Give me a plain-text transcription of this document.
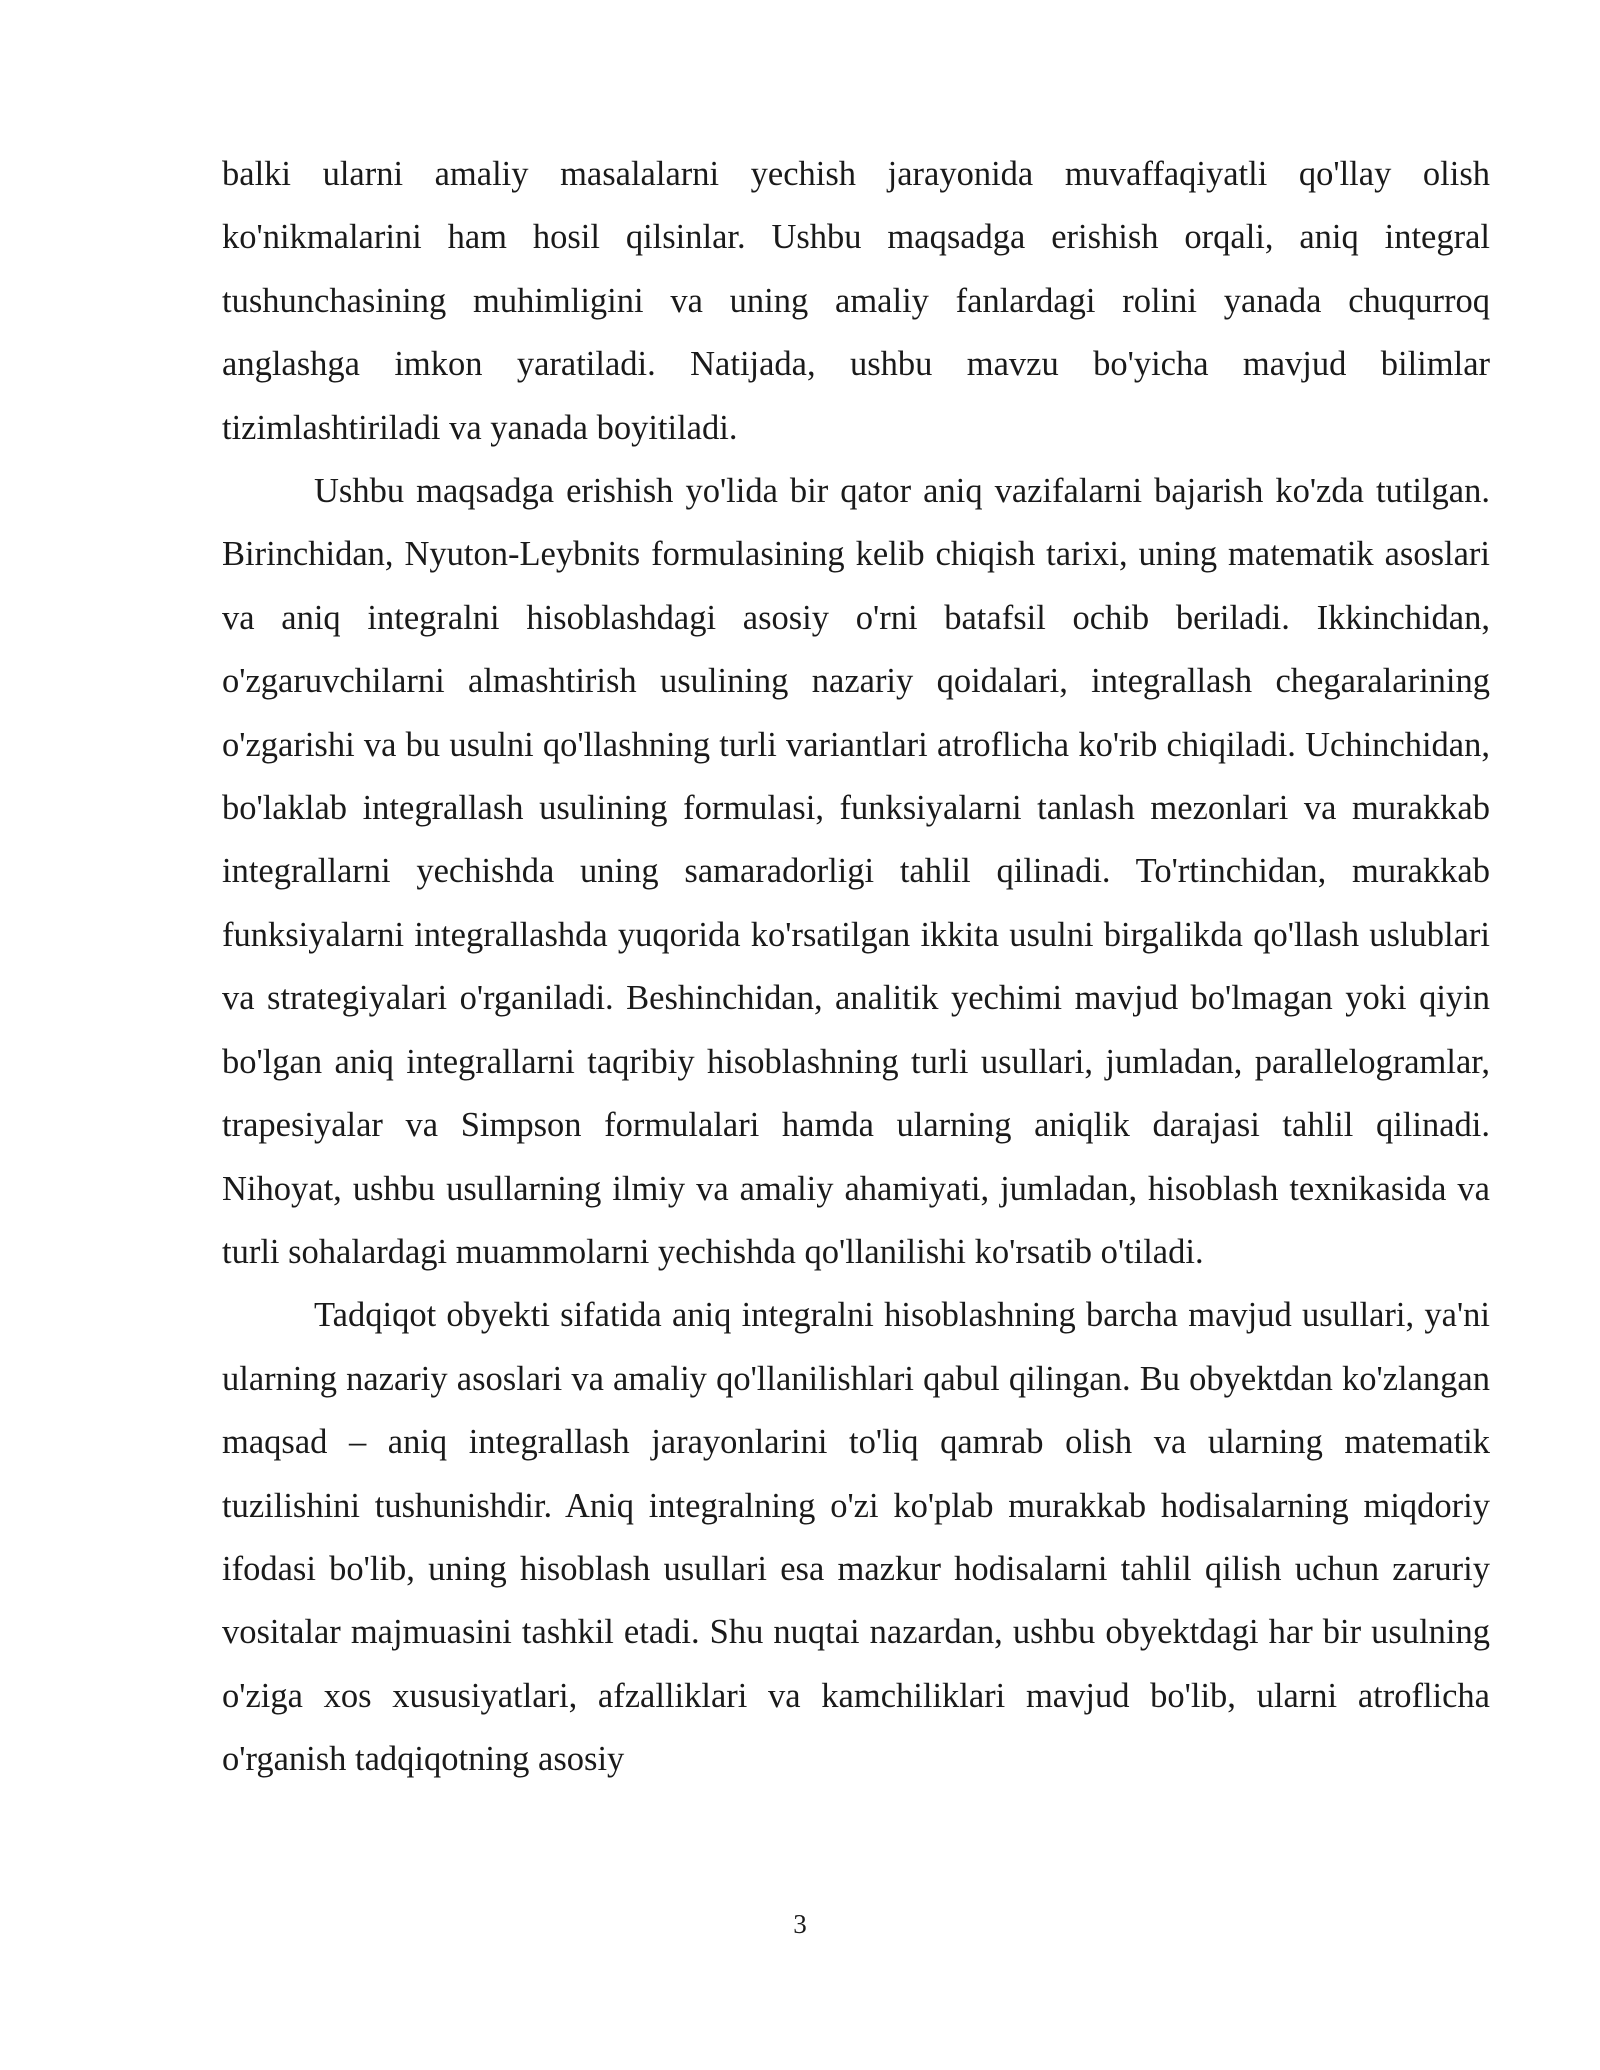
balki ularni amaliy masalalarni yechish jarayonida muvaffaqiyatli qo'llay olish ko'nikmalarini ham hosil qilsinlar. Ushbu maqsadga erishish orqali, aniq integral tushunchasining muhimligini va uning amaliy fanlardagi rolini yanada chuqurroq anglashga imkon yaratiladi. Natijada, ushbu mavzu bo'yicha mavjud bilimlar tizimlashtiriladi va yanada boyitiladi.

Ushbu maqsadga erishish yo'lida bir qator aniq vazifalarni bajarish ko'zda tutilgan. Birinchidan, Nyuton-Leybnits formulasining kelib chiqish tarixi, uning matematik asoslari va aniq integralni hisoblashdagi asosiy o'rni batafsil ochib beriladi. Ikkinchidan, o'zgaruvchilarni almashtirish usulining nazariy qoidalari, integrallash chegaralarining o'zgarishi va bu usulni qo'llashning turli variantlari atroflicha ko'rib chiqiladi. Uchinchidan, bo'laklab integrallash usulining formulasi, funksiyalarni tanlash mezonlari va murakkab integrallarni yechishda uning samaradorligi tahlil qilinadi. To'rtinchidan, murakkab funksiyalarni integrallashda yuqorida ko'rsatilgan ikkita usulni birgalikda qo'llash uslublari va strategiyalari o'rganiladi. Beshinchidan, analitik yechimi mavjud bo'lmagan yoki qiyin bo'lgan aniq integrallarni taqribiy hisoblashning turli usullari, jumladan, parallelogramlar, trapesiyalar va Simpson formulalari hamda ularning aniqlik darajasi tahlil qilinadi. Nihoyat, ushbu usullarning ilmiy va amaliy ahamiyati, jumladan, hisoblash texnikasida va turli sohalardagi muammolarni yechishda qo'llanilishi ko'rsatib o'tiladi.

Tadqiqot obyekti sifatida aniq integralni hisoblashning barcha mavjud usullari, ya'ni ularning nazariy asoslari va amaliy qo'llanilishlari qabul qilingan. Bu obyektdan ko'zlangan maqsad – aniq integrallash jarayonlarini to'liq qamrab olish va ularning matematik tuzilishini tushunishdir. Aniq integralning o'zi ko'plab murakkab hodisalarning miqdoriy ifodasi bo'lib, uning hisoblash usullari esa mazkur hodisalarni tahlil qilish uchun zaruriy vositalar majmuasini tashkil etadi. Shu nuqtai nazardan, ushbu obyektdagi har bir usulning o'ziga xos xususiyatlari, afzalliklari va kamchiliklari mavjud bo'lib, ularni atroflicha o'rganish tadqiqotning asosiy

3
